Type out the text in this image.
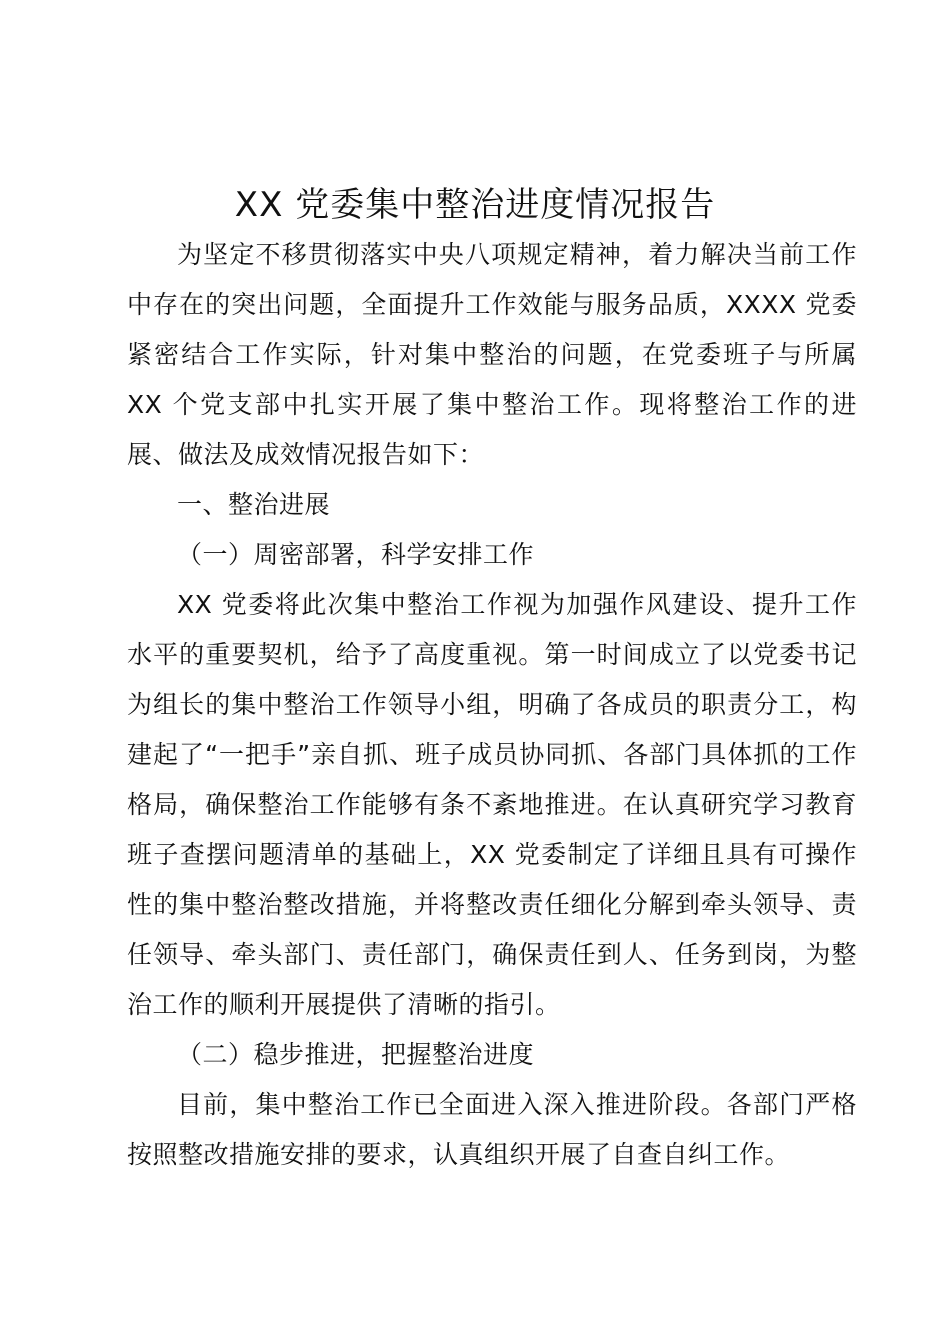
XX 党委集中整治进度情况报告

为坚定不移贯彻落实中央八项规定精神，着力解决当前工作中存在的突出问题，全面提升工作效能与服务品质，XXXX 党委紧密结合工作实际，针对集中整治的问题，在党委班子与所属 XX 个党支部中扎实开展了集中整治工作。现将整治工作的进展、做法及成效情况报告如下：

一、整治进展

（一）周密部署，科学安排工作

XX 党委将此次集中整治工作视为加强作风建设、提升工作水平的重要契机，给予了高度重视。第一时间成立了以党委书记为组长的集中整治工作领导小组，明确了各成员的职责分工，构建起了“一把手”亲自抓、班子成员协同抓、各部门具体抓的工作格局，确保整治工作能够有条不紊地推进。在认真研究学习教育班子查摆问题清单的基础上，XX 党委制定了详细且具有可操作性的集中整治整改措施，并将整改责任细化分解到牵头领导、责任领导、牵头部门、责任部门，确保责任到人、任务到岗，为整治工作的顺利开展提供了清晰的指引。

（二）稳步推进，把握整治进度

目前，集中整治工作已全面进入深入推进阶段。各部门严格按照整改措施安排的要求，认真组织开展了自查自纠工作。
